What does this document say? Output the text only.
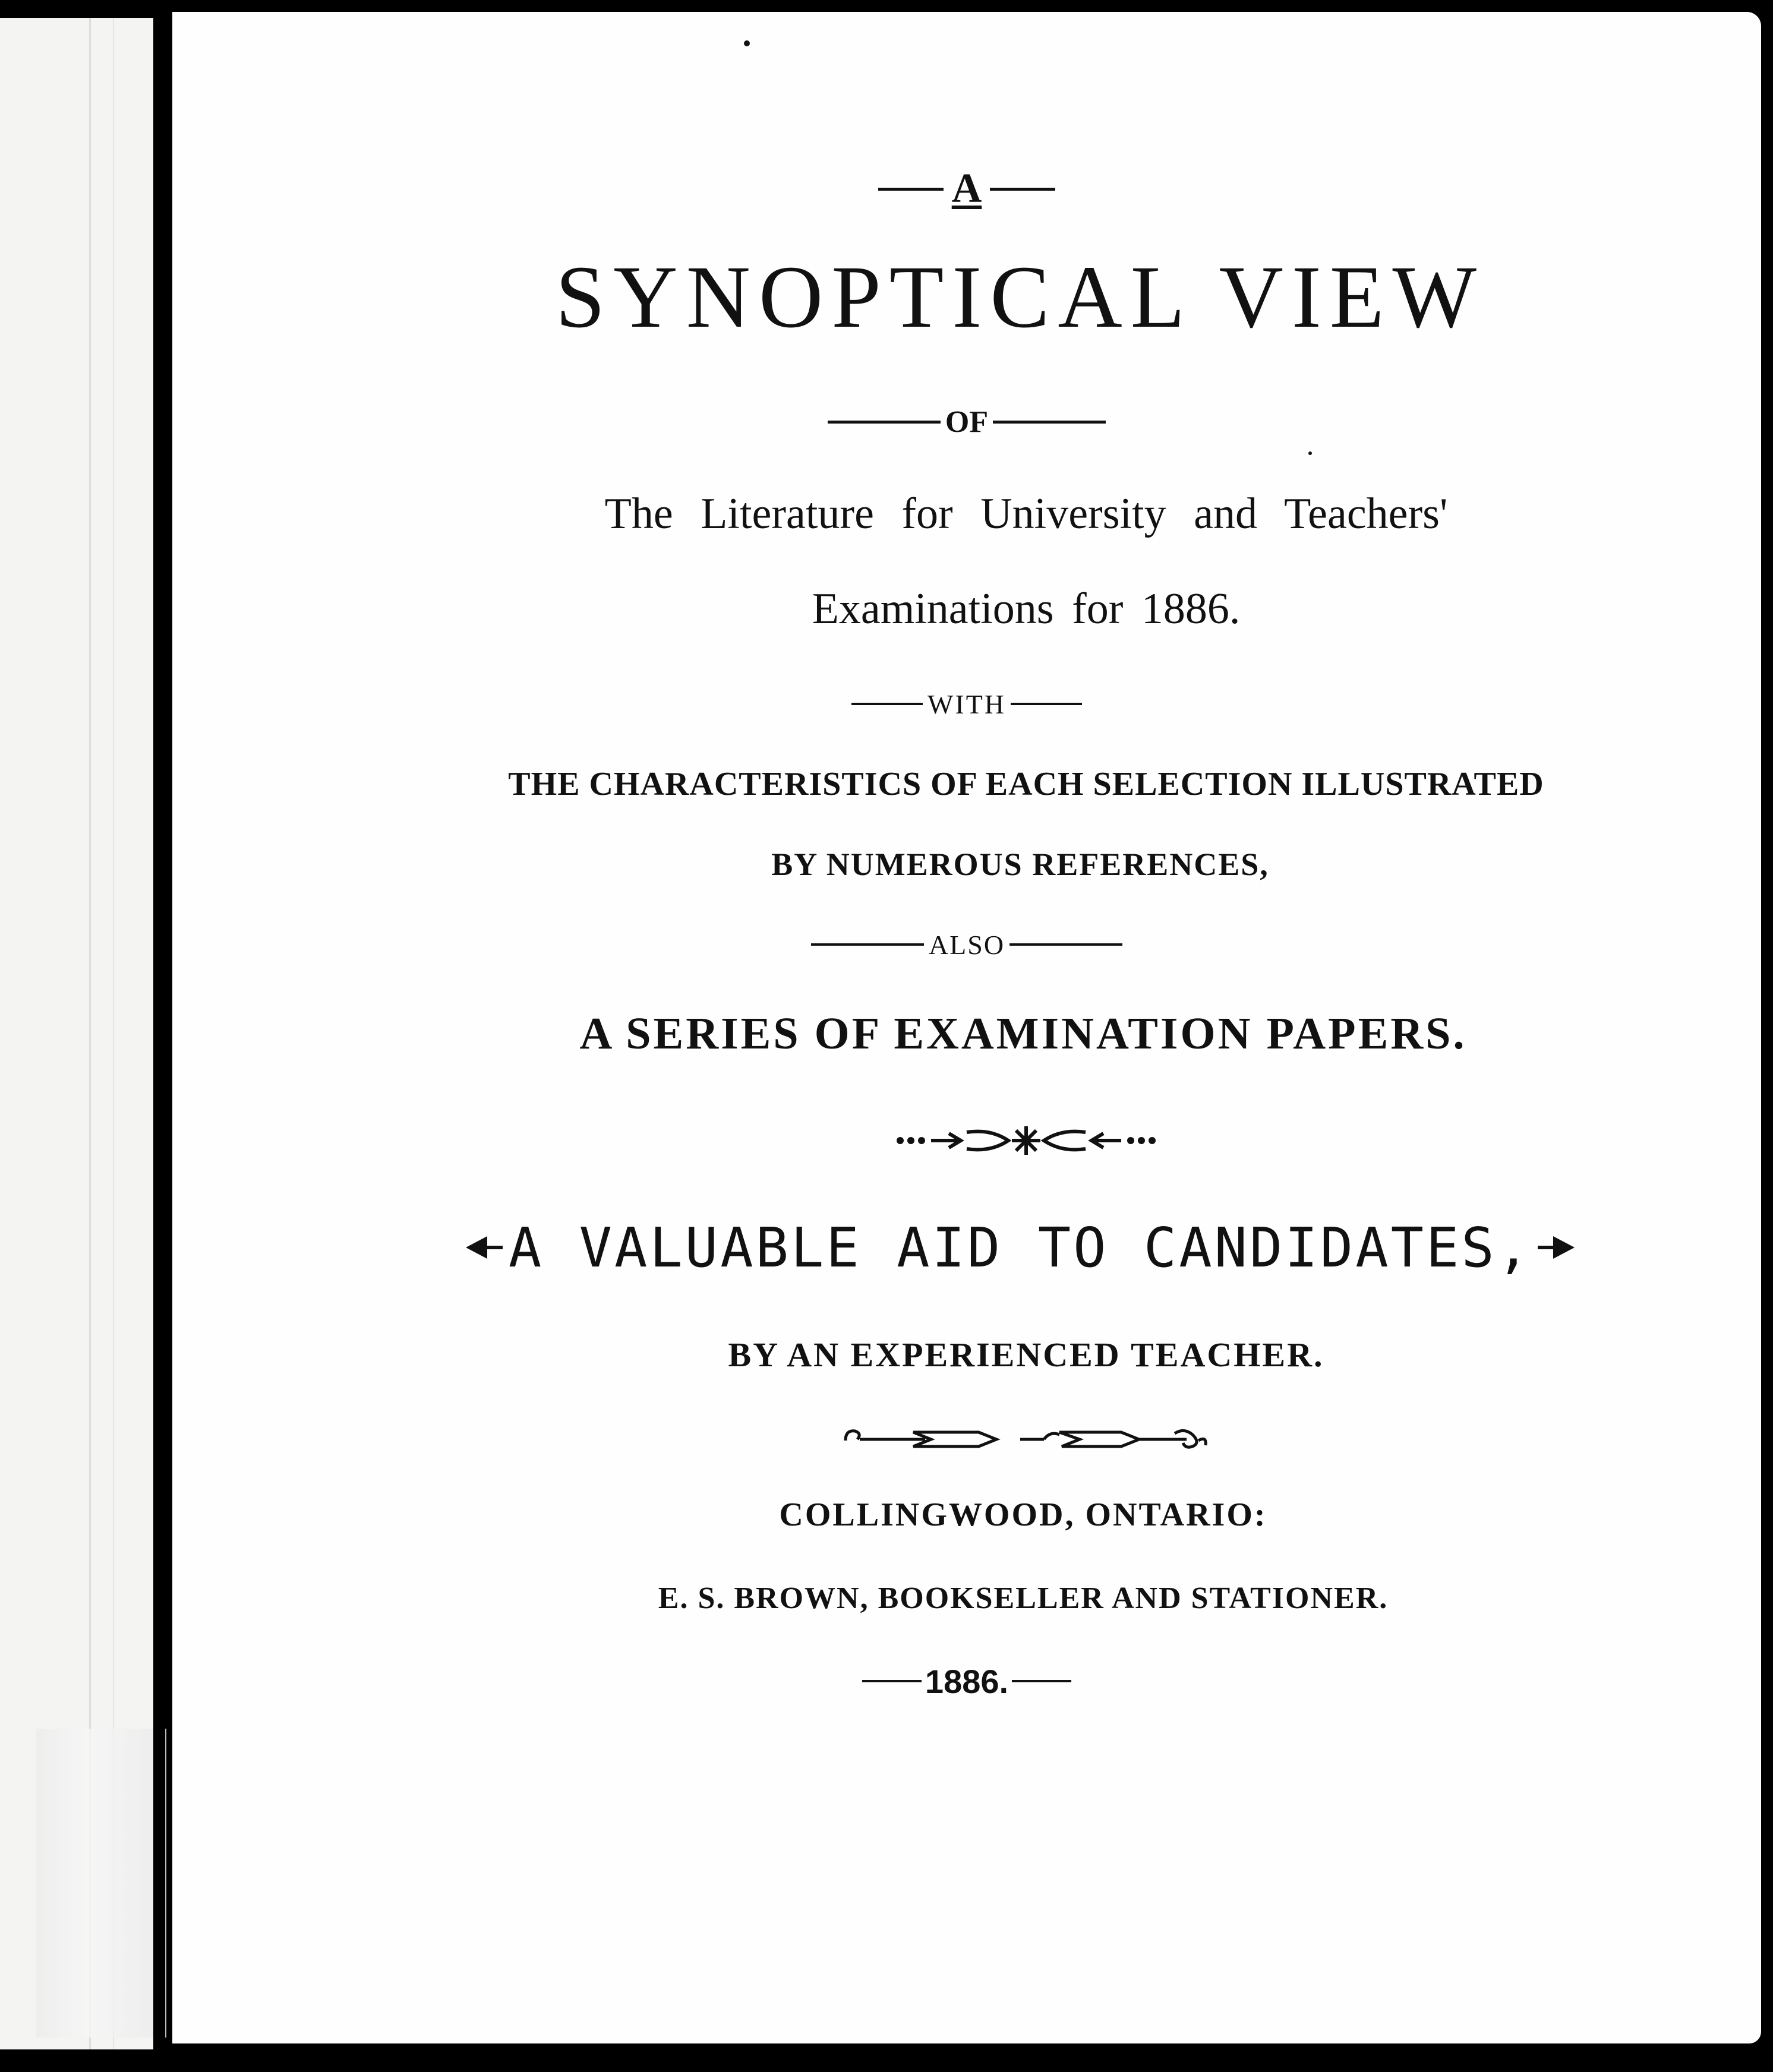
A
SYNOPTICAL VIEW
OF
The Literature for University and Teachers'
Examinations for 1886.
WITH
THE CHARACTERISTICS OF EACH SELECTION ILLUSTRATED
BY NUMEROUS REFERENCES,
ALSO
A SERIES OF EXAMINATION PAPERS.
A VALUABLE AID TO CANDIDATES,
BY AN EXPERIENCED TEACHER.
COLLINGWOOD, ONTARIO:
E. S. BROWN, BOOKSELLER AND STATIONER.
1886.
